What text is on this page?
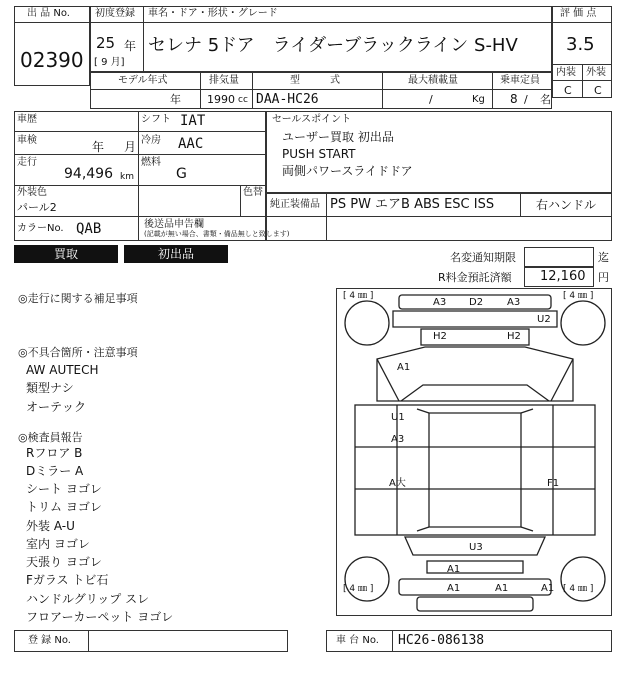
出 品 No.
02390
初度登録 車名・ドア・形状・グレード
25 年
[ 9 月]
セレナ 5ドア　ライダーブラックライン S-HV
評 価 点
3.5
内装 外装
C C
モデル年式
年
排気量
1990 cc
型　　　式
DAA-HC26
最大積載量
/	Kg
乗車定員
8 / 名
車歴	シフト IAT
車検	年 月 冷房 AAC
走行
94,496 km
燃料
G
外装色
パール2
色替
カラーNo. QAB	後送品申告欄
(記載が無い場合、書類・備品無しと致します)
セールスポイント
ユーザー買取 初出品
PUSH START
両側パワースライドドア
純正装備品 PS PW エアB ABS ESC ISS	右ハンドル
買取	初出品	名変通知期限	迄
R料金預託済額 12,160 円
◎走行に関する補足事項
◎不具合箇所・注意事項
AW AUTECH
類型ナシ
オーテック
◎検査員報告
Rフロア B
Dミラー A
シート ヨゴレ
トリム ヨゴレ
外装 A-U
室内 ヨゴレ
天張り ヨゴレ
Fガラス トビ石
ハンドルグリップ スレ
フロアーカーペット ヨゴレ
[ 4 ㎜ ]	[ 4 ㎜ ]
[ 4 ㎜ ]	[ 4 ㎜ ]
A3 D2 A3
U2
H2	H2
A1
U1
A3
A大	F1
U3
A1
A1	A1	A1
登 録 No.	車 台 No. HC26-086138
